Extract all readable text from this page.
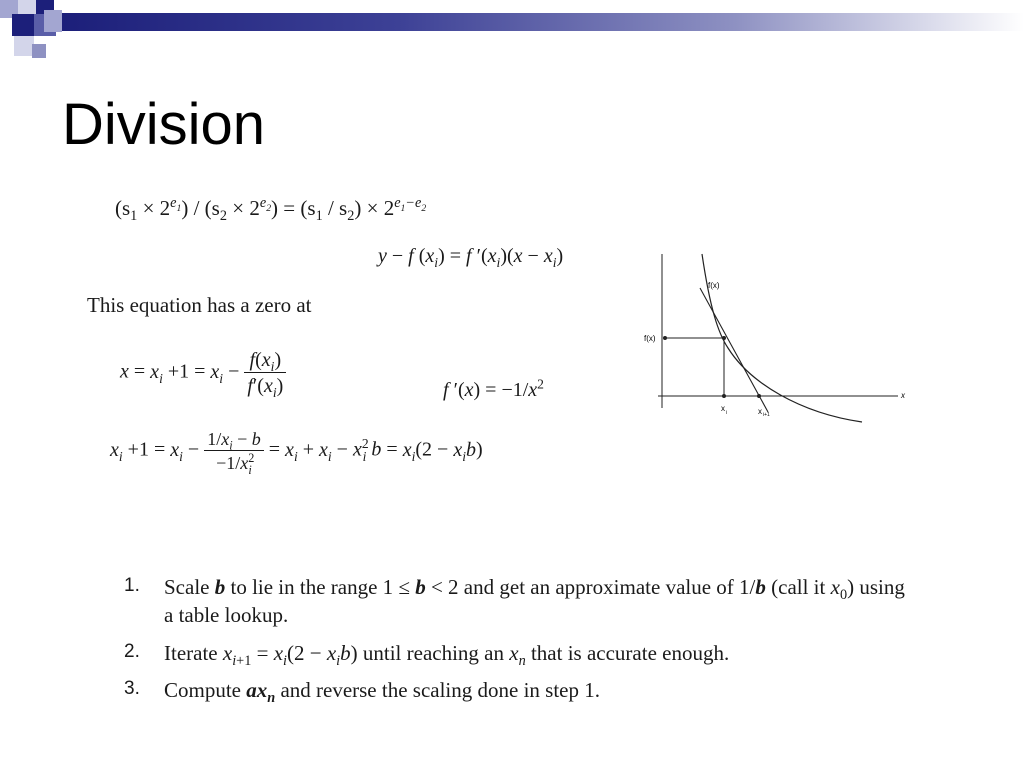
Division
$(s_1 \times 2^{e_1}) / (s_2 \times 2^{e_2}) = (s_1 / s_2) \times 2^{e_1-e_2}$
y − f $(x_i) = f$ $'(x_i)(x - x_i)$
This equation has a zero at
$x = x_i +1 = x_i - \frac{f(x_i)}{f'(x_i)}$	f $'(x) = -1/x^2$
$x_i +1 = x_i - \frac{1/x_i - b}{-1/x^2_i} = x_i + x_i - x^2_i$ $b = x_i(2 - x_ib)$
f(x)
f(x)
x
x	x
i	i+1
1. Scale b to lie in the range 1 ≤ b < 2 and get an approximate value of 1/b (call it $x_0$) using a table lookup.
2. Iterate $x_{i+1} = x_i(2 - x_ib)$ until reaching an $x_n$ that is accurate enough.
3. Compute $ax_n$ and reverse the scaling done in step 1.
